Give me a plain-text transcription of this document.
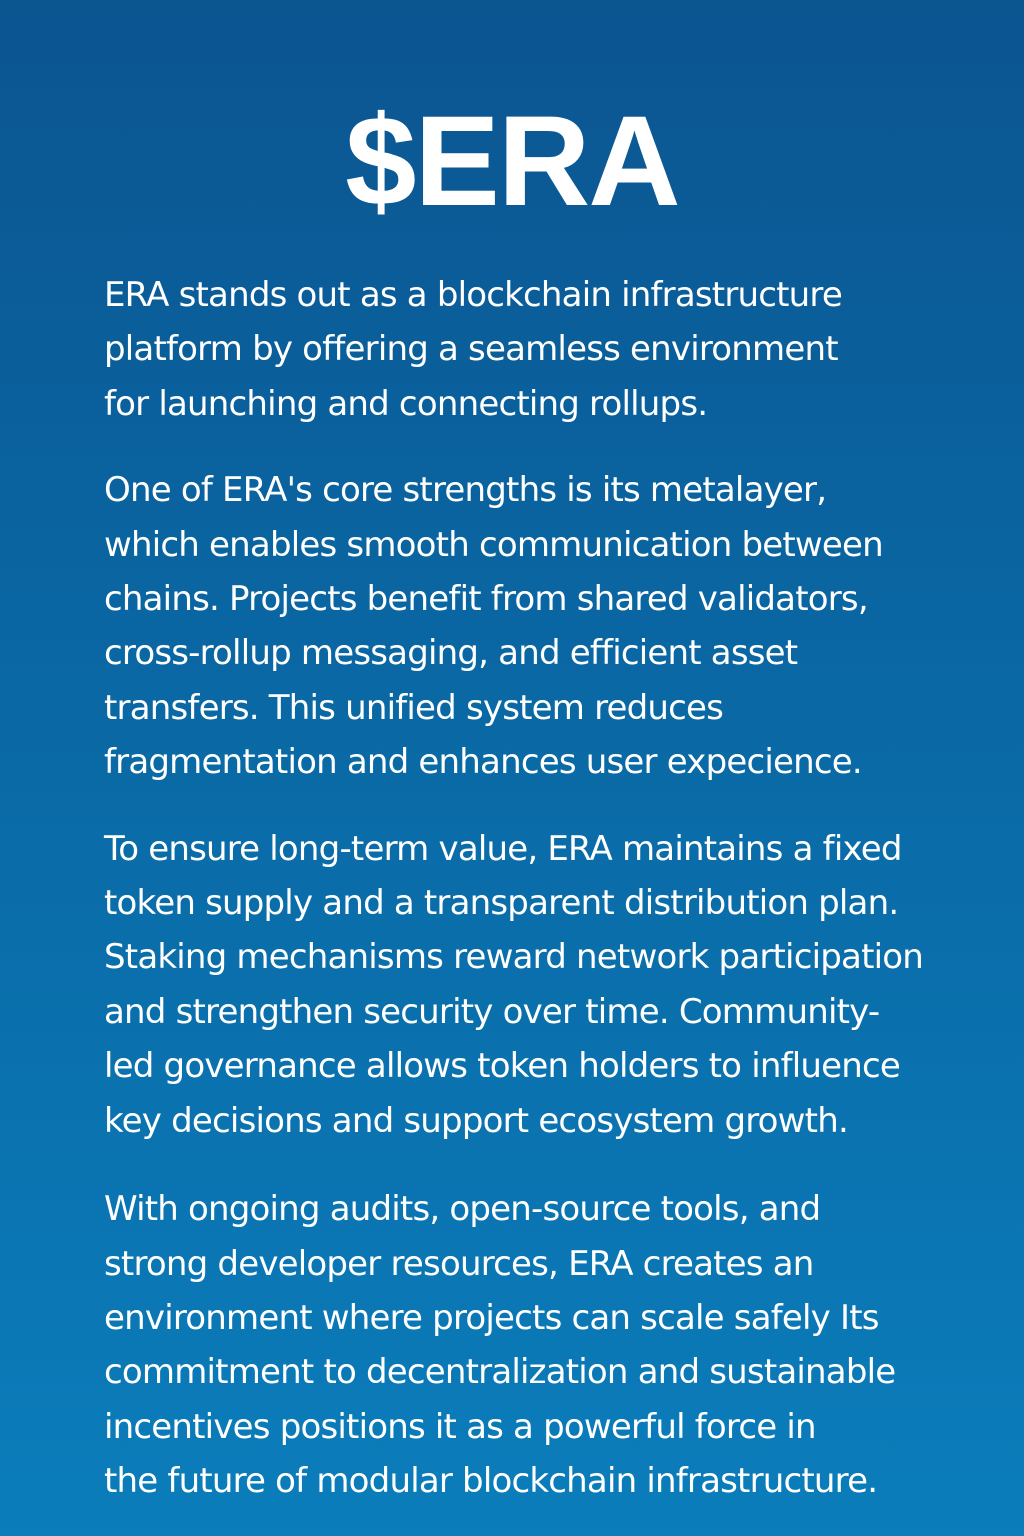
$ERA

ERA stands out as a blockchain infrastructure
platform by offering a seamless environment
for launching and connecting rollups.

One of ERA's core strengths is its metalayer,
which enables smooth communication between
chains. Projects benefit from shared validators,
cross-rollup messaging, and efficient asset
transfers. This unified system reduces
fragmentation and enhances user expecience.

To ensure long-term value, ERA maintains a fixed
token supply and a transparent distribution plan.
Staking mechanisms reward network participation
and strengthen security over time. Community-
led governance allows token holders to influence
key decisions and support ecosystem growth.

With ongoing audits, open-source tools, and
strong developer resources, ERA creates an
environment where projects can scale safely Its
commitment to decentralization and sustainable
incentives positions it as a powerful force in
the future of modular blockchain infrastructure.
